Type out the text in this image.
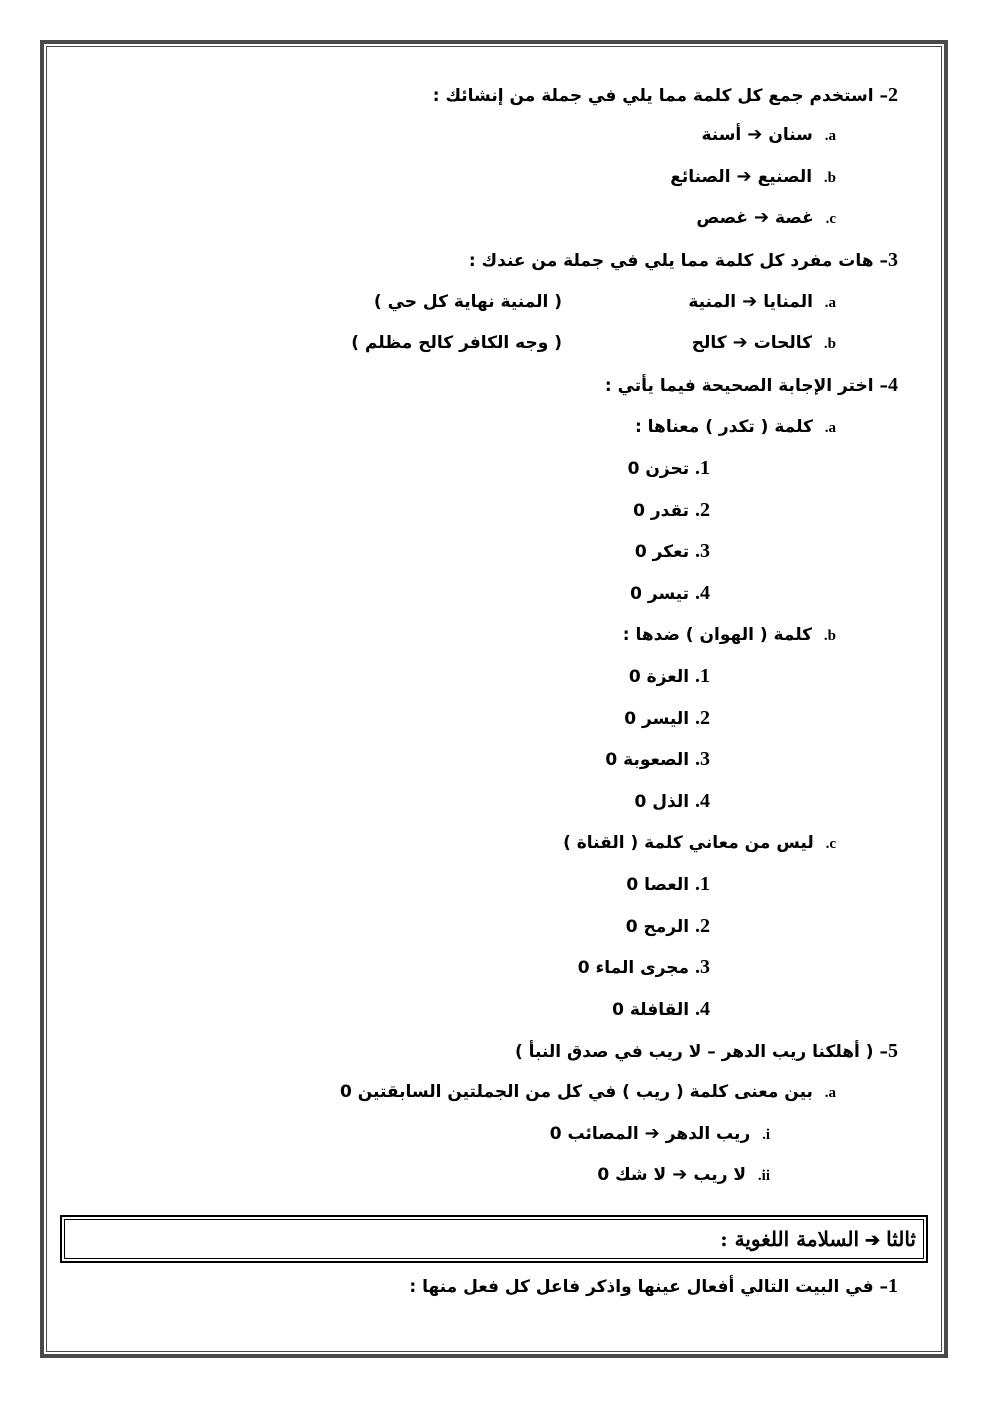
2– استخدم جمع كل كلمة مما يلي في جملة من إنشائك :
a.  سنان➔أسنة
b.  الصنيع➔الصنائع
c.  غصة➔غصص
3– هات مفرد كل كلمة مما يلي في جملة من عندك :
a.  المنايا➔المنية
( المنية نهاية كل حي )
b.  كالحات➔كالح
( وجه الكافر كالح مظلم )
4– اختر الإجابة الصحيحة فيما يأتي :
a.  كلمة ( تكدر ) معناها :
1. تحزن 0
2. تقدر 0
3. تعكر 0
4. تيسر 0
b.  كلمة ( الهوان ) ضدها :
1. العزة 0
2. اليسر 0
3. الصعوبة 0
4. الذل 0
c.  ليس من معاني كلمة ( القناة )
1. العصا 0
2. الرمح 0
3. مجرى الماء 0
4. القافلة 0
5– ( أهلكنا ريب الدهر – لا ريب في صدق النبأ )
a.  بين معنى كلمة ( ريب ) في كل من الجملتين السابقتين 0
i.  ريب الدهر➔المصائب 0
ii.  لا ريب➔لا شك 0
ثالثا➔السلامة اللغوية :
1– في البيت التالي أفعال عينها واذكر فاعل كل فعل منها :
